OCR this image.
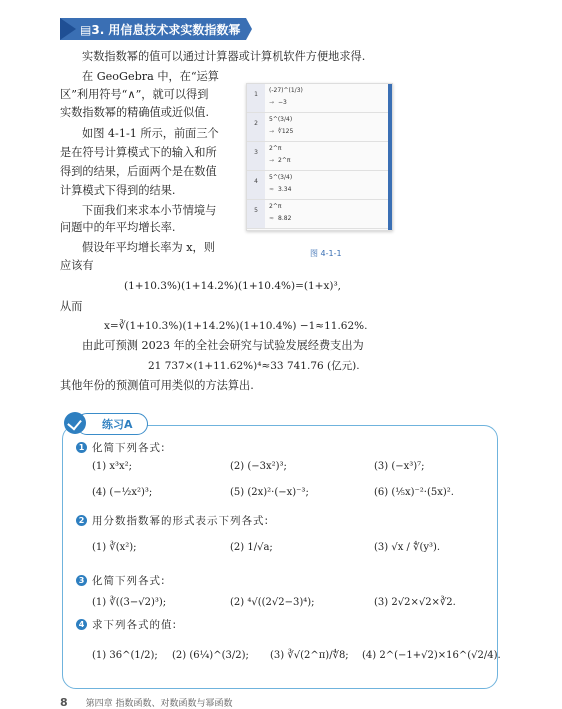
▤3. 用信息技术求实数指数幂
实数指数幂的值可以通过计算器或计算机软件方便地求得.
在 GeoGebra 中，在“运算
区”利用符号“∧”，就可以得到
实数指数幂的精确值或近似值.
如图 4-1-1 所示，前面三个
是在符号计算模式下的输入和所
得到的结果，后面两个是在数值
计算模式下得到的结果.
下面我们来求本小节情境与
问题中的年平均增长率.
假设年平均增长率为 x，则
应该有
(1+10.3%)(1+14.2%)(1+10.4%)=(1+x)³,
从而
x=∛(1+10.3%)(1+14.2%)(1+10.4%) −1≈11.62%.
由此可预测 2023 年的全社会研究与试验发展经费支出为
21 737×(1+11.62%)⁴≈33 741.76 (亿元).
其他年份的预测值可用类似的方法算出.
1
(-27)^(1/3)
→ −3
2
5^(3/4)
→ ∜125
3
2^π
→ 2^π
4
5^(3/4)
≈ 3.34
5
2^π
≈ 8.82
图 4-1-1
练习A
1 化简下列各式:
(1) x³x²;	(2) (−3x²)³;	(3) (−x³)⁷;
(4) (−½x²)³;	(5) (2x)²·(−x)⁻³;	(6) (⅕x)⁻²·(5x)².
2 用分数指数幂的形式表示下列各式:
(1) ∛(x²);	(2) 1/√a;	(3) √x / ∜(y³).
3 化简下列各式:
(1) ∛((3−√2)³);	(2) ⁴√((2√2−3)⁴);	(3) 2√2×√2×∛2.
4 求下列各式的值:
(1) 36^(1/2); (2) (6¼)^(3/2); (3) ∛√(2^π)/∜8; (4) 2^(−1+√2)×16^(√2/4).
8 第四章 指数函数、对数函数与幂函数
